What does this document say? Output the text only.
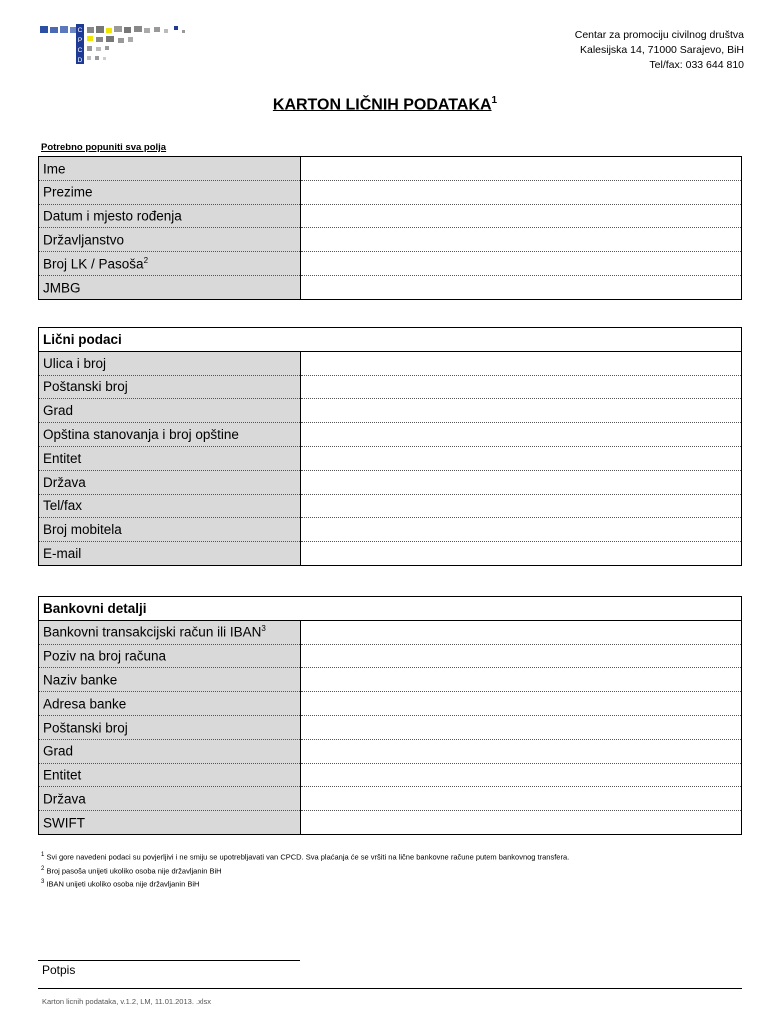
C
P
C
D
Centar za promociju civilnog društva
Kalesijska 14, 71000 Sarajevo, BiH
Tel/fax: 033 644 810
KARTON LIČNIH PODATAKA$^1$
Potrebno popuniti sva polja
Ime	
Prezime	
Datum i mjesto rođenja	
Državljanstvo	
Broj LK / Pasoša$^2$	
JMBG	
Lični podaci	
Ulica i broj	
Poštanski broj	
Grad	
Opština stanovanja i broj opštine	
Entitet	
Država	
Tel/fax	
Broj mobitela	
E-mail	
Bankovni detalji	
Bankovni transakcijski račun ili IBAN$^3$	
Poziv na broj računa	
Naziv banke	
Adresa banke	
Poštanski broj	
Grad	
Entitet	
Država	
SWIFT	
$^1$ Svi gore navedeni podaci su povjerljivi i ne smiju se upotrebljavati van CPCD. Sva plaćanja će se vršiti na lične bankovne račune putem bankovnog transfera.
$^2$ Broj pasoša unijeti ukoliko osoba nije državljanin BiH
$^3$ IBAN unijeti ukoliko osoba nije državljanin BiH
Potpis
Karton licnih podataka, v.1.2, LM, 11.01.2013. .xlsx
